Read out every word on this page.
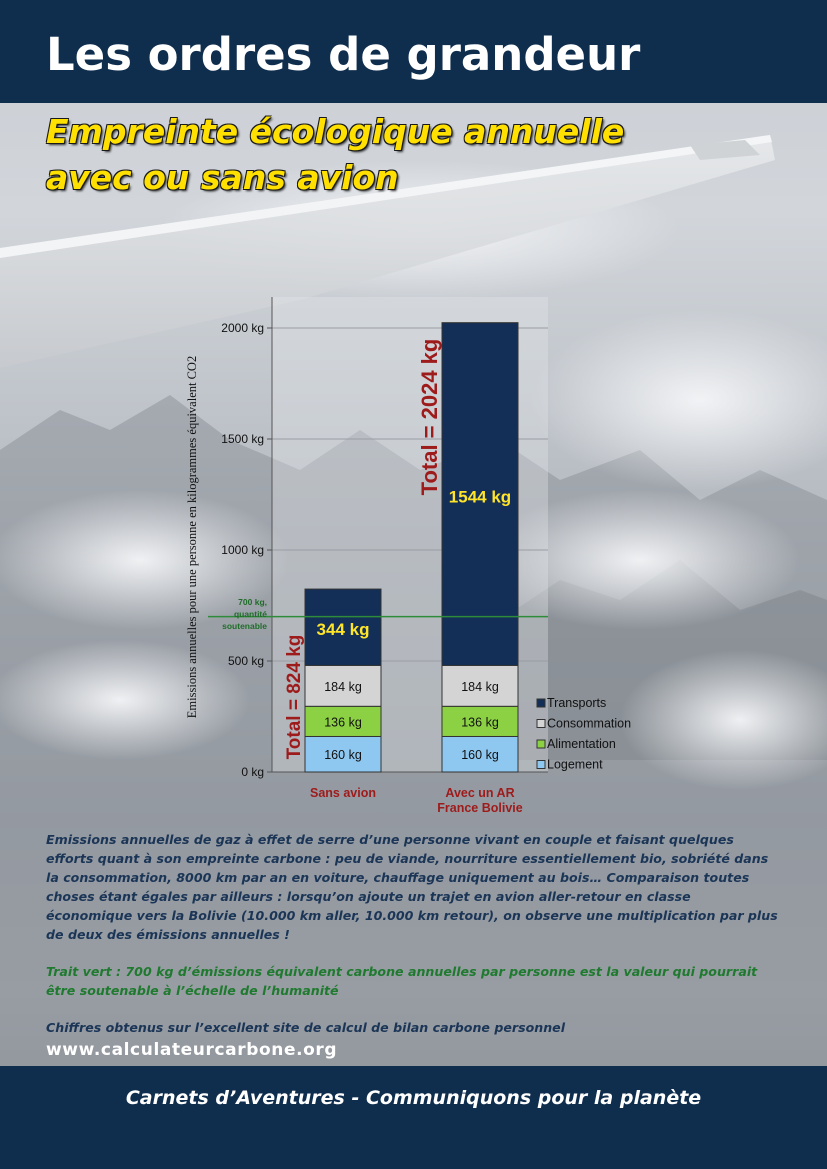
Les ordres de grandeur
Empreinte écologique annuelle
avec ou sans avion
0 kg
500 kg
1000 kg
1500 kg
2000 kg
Emissions annuelles pour une personne en kilogrammes équivalent CO2
160 kg
136 kg
184 kg
344 kg
Sans avion
160 kg
136 kg
184 kg
1544 kg
Avec un AR
France Bolivie
Total = 824 kg
Total = 2024 kg
700 kg,
quantité
soutenable
Transports
Consommation
Alimentation
Logement

Emissions annuelles de gaz à effet de serre d’une personne vivant en couple et faisant quelques efforts quant à son empreinte carbone : peu de viande, nourriture essentiellement bio, sobriété dans la consommation, 8000 km par an en voiture, chauffage uniquement au bois… Comparaison toutes choses étant égales par ailleurs : lorsqu’on ajoute un trajet en avion aller-retour en classe économique vers la Bolivie (10.000 km aller, 10.000 km retour), on observe une multiplication par plus de deux des émissions annuelles !

Trait vert : 700 kg d’émissions équivalent carbone annuelles par personne est la valeur qui pourrait être soutenable à l’échelle de l’humanité

Chiffres obtenus sur l’excellent site de calcul de bilan carbone personnel

www.calculateurcarbone.org
Carnets d’Aventures - Communiquons pour la planète
